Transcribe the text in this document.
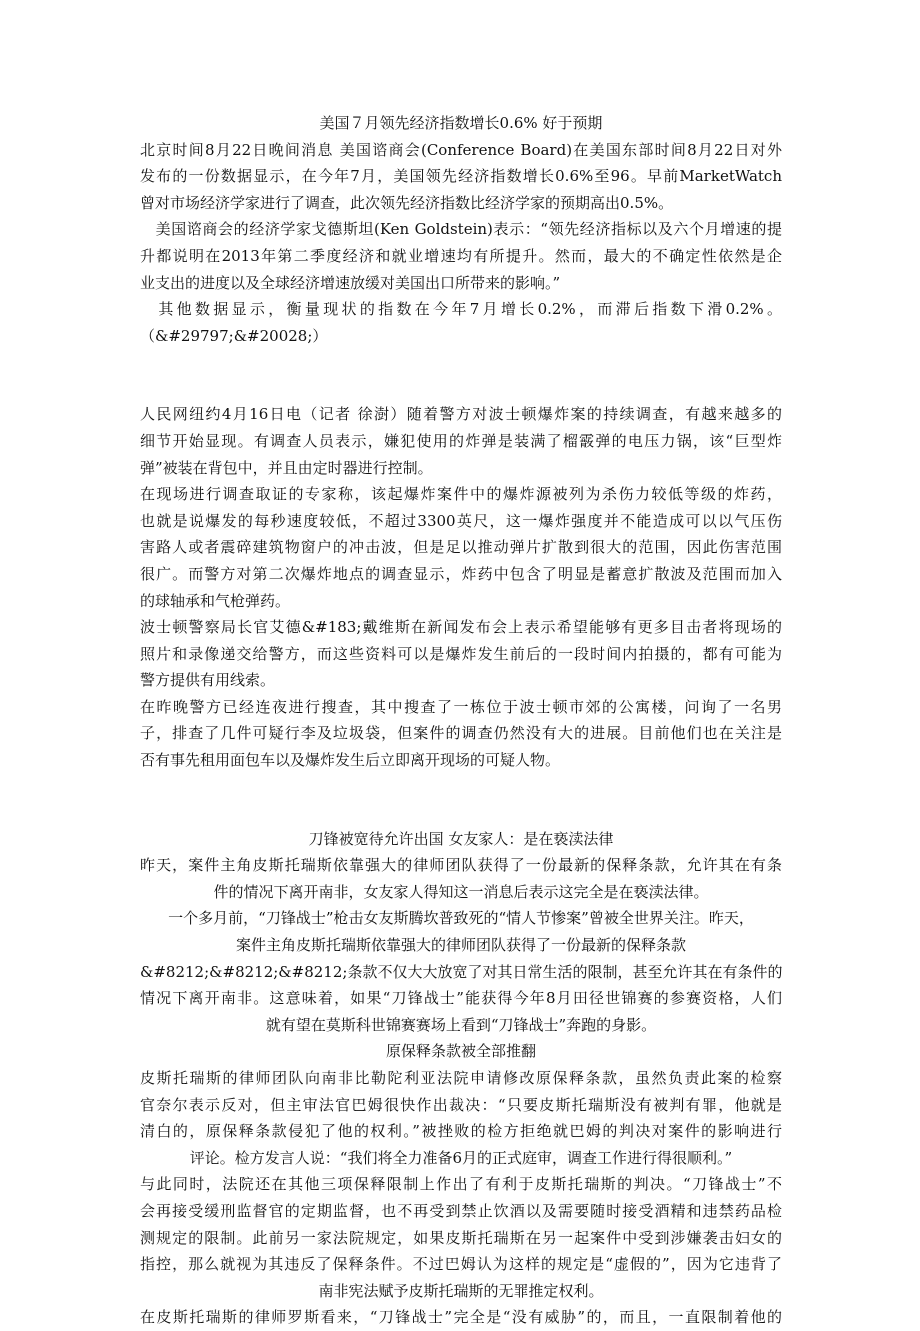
美国７月领先经济指数增长0.6% 好于预期
北京时间8月22日晚间消息 美国谘商会(Conference Board)在美国东部时间8月22日对外
发布的一份数据显示，在今年7月，美国领先经济指数增长0.6%至96。早前MarketWatch
曾对市场经济学家进行了调查，此次领先经济指数比经济学家的预期高出0.5%。
　美国谘商会的经济学家戈德斯坦(Ken Goldstein)表示：“领先经济指标以及六个月增速的提
升都说明在2013年第二季度经济和就业增速均有所提升。然而，最大的不确定性依然是企
业支出的进度以及全球经济增速放缓对美国出口所带来的影响。”
　其他数据显示，衡量现状的指数在今年7月增长0.2%，而滞后指数下滑0.2%。
（&#29797;&#20028;）
人民网纽约4月16日电（记者 徐澍）随着警方对波士顿爆炸案的持续调查，有越来越多的
细节开始显现。有调查人员表示，嫌犯使用的炸弹是装满了榴霰弹的电压力锅，该“巨型炸
弹”被装在背包中，并且由定时器进行控制。
在现场进行调查取证的专家称，该起爆炸案件中的爆炸源被列为杀伤力较低等级的炸药，
也就是说爆发的每秒速度较低，不超过3300英尺，这一爆炸强度并不能造成可以以气压伤
害路人或者震碎建筑物窗户的冲击波，但是足以推动弹片扩散到很大的范围，因此伤害范围
很广。而警方对第二次爆炸地点的调查显示，炸药中包含了明显是蓄意扩散波及范围而加入
的球轴承和气枪弹药。
波士顿警察局长官艾德&#183;戴维斯在新闻发布会上表示希望能够有更多目击者将现场的
照片和录像递交给警方，而这些资料可以是爆炸发生前后的一段时间内拍摄的，都有可能为
警方提供有用线索。
在昨晚警方已经连夜进行搜查，其中搜查了一栋位于波士顿市郊的公寓楼，问询了一名男
子，排查了几件可疑行李及垃圾袋，但案件的调查仍然没有大的进展。目前他们也在关注是
否有事先租用面包车以及爆炸发生后立即离开现场的可疑人物。
刀锋被宽待允许出国 女友家人：是在亵渎法律
昨天，案件主角皮斯托瑞斯依靠强大的律师团队获得了一份最新的保释条款，允许其在有条
件的情况下离开南非，女友家人得知这一消息后表示这完全是在亵渎法律。
一个多月前，“刀锋战士”枪击女友斯腾坎普致死的“情人节惨案”曾被全世界关注。昨天，
案件主角皮斯托瑞斯依靠强大的律师团队获得了一份最新的保释条款
&#8212;&#8212;&#8212;条款不仅大大放宽了对其日常生活的限制，甚至允许其在有条件的
情况下离开南非。这意味着，如果“刀锋战士”能获得今年8月田径世锦赛的参赛资格，人们
就有望在莫斯科世锦赛赛场上看到“刀锋战士”奔跑的身影。
原保释条款被全部推翻
皮斯托瑞斯的律师团队向南非比勒陀利亚法院申请修改原保释条款，虽然负责此案的检察
官奈尔表示反对，但主审法官巴姆很快作出裁决：“只要皮斯托瑞斯没有被判有罪，他就是
清白的，原保释条款侵犯了他的权利。”被挫败的检方拒绝就巴姆的判决对案件的影响进行
评论。检方发言人说：“我们将全力准备6月的正式庭审，调查工作进行得很顺利。”
与此同时，法院还在其他三项保释限制上作出了有利于皮斯托瑞斯的判决。“刀锋战士”不
会再接受缓刑监督官的定期监督，也不再受到禁止饮酒以及需要随时接受酒精和违禁药品检
测规定的限制。此前另一家法院规定，如果皮斯托瑞斯在另一起案件中受到涉嫌袭击妇女的
指控，那么就视为其违反了保释条件。不过巴姆认为这样的规定是“虚假的”，因为它违背了
南非宪法赋予皮斯托瑞斯的无罪推定权利。
在皮斯托瑞斯的律师罗斯看来，“刀锋战士”完全是“没有威胁”的，而且，一直限制着他的
